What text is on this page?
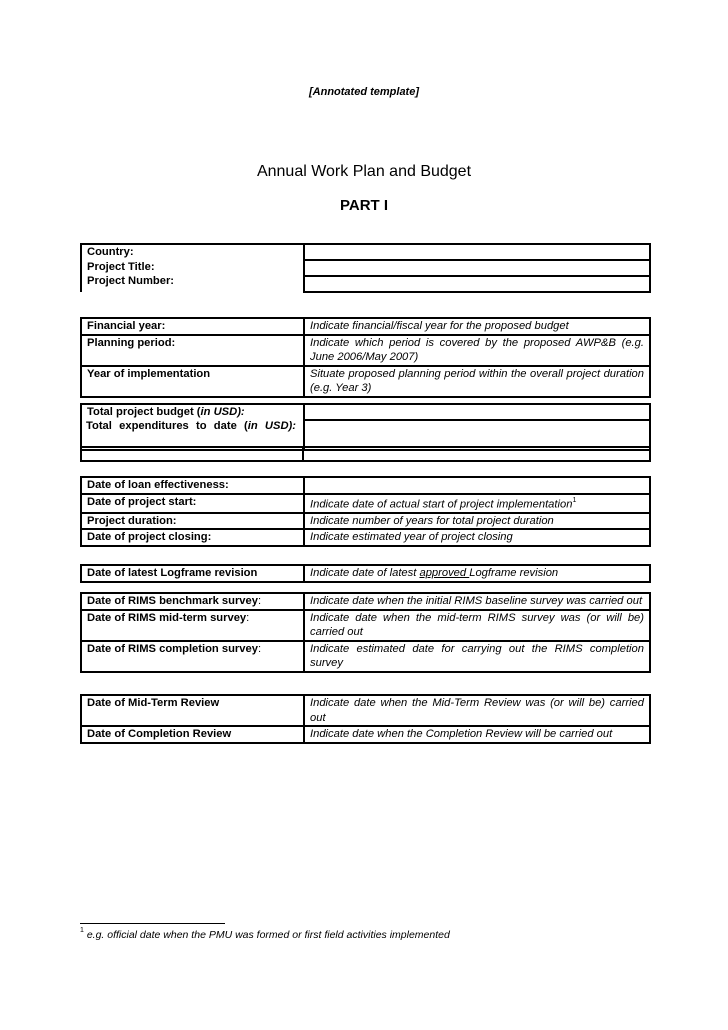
[Annotated template]
Annual Work Plan and Budget
PART I
Country:
Project Title:
Project Number:	
Financial year:	Indicate financial/fiscal year for the proposed budget
Planning period:	Indicate which period is covered by the proposed AWP&B (e.g. June 2006/May 2007)
Year of implementation	Situate proposed planning period within the overall project duration (e.g. Year 3)
Total project budget (in USD):	
Total expenditures to date (in USD):
Date of loan effectiveness:	
Date of project start:	Indicate date of actual start of project implementation$^1$
Project duration:	Indicate number of years for total project duration
Date of project closing:	Indicate estimated year of project closing
Date of latest Logframe revision	Indicate date of latest approved Logframe revision
Date of RIMS benchmark survey:	Indicate date when the initial RIMS baseline survey was carried out
Date of RIMS mid-term survey:	Indicate date when the mid-term RIMS survey was (or will be) carried out
Date of RIMS completion survey:	Indicate estimated date for carrying out the RIMS completion survey
Date of Mid-Term Review	Indicate date when the Mid-Term Review was (or will be) carried out
Date of Completion Review	Indicate date when the Completion Review will be carried out
$^1$ e.g. official date when the PMU was formed or first field activities implemented
